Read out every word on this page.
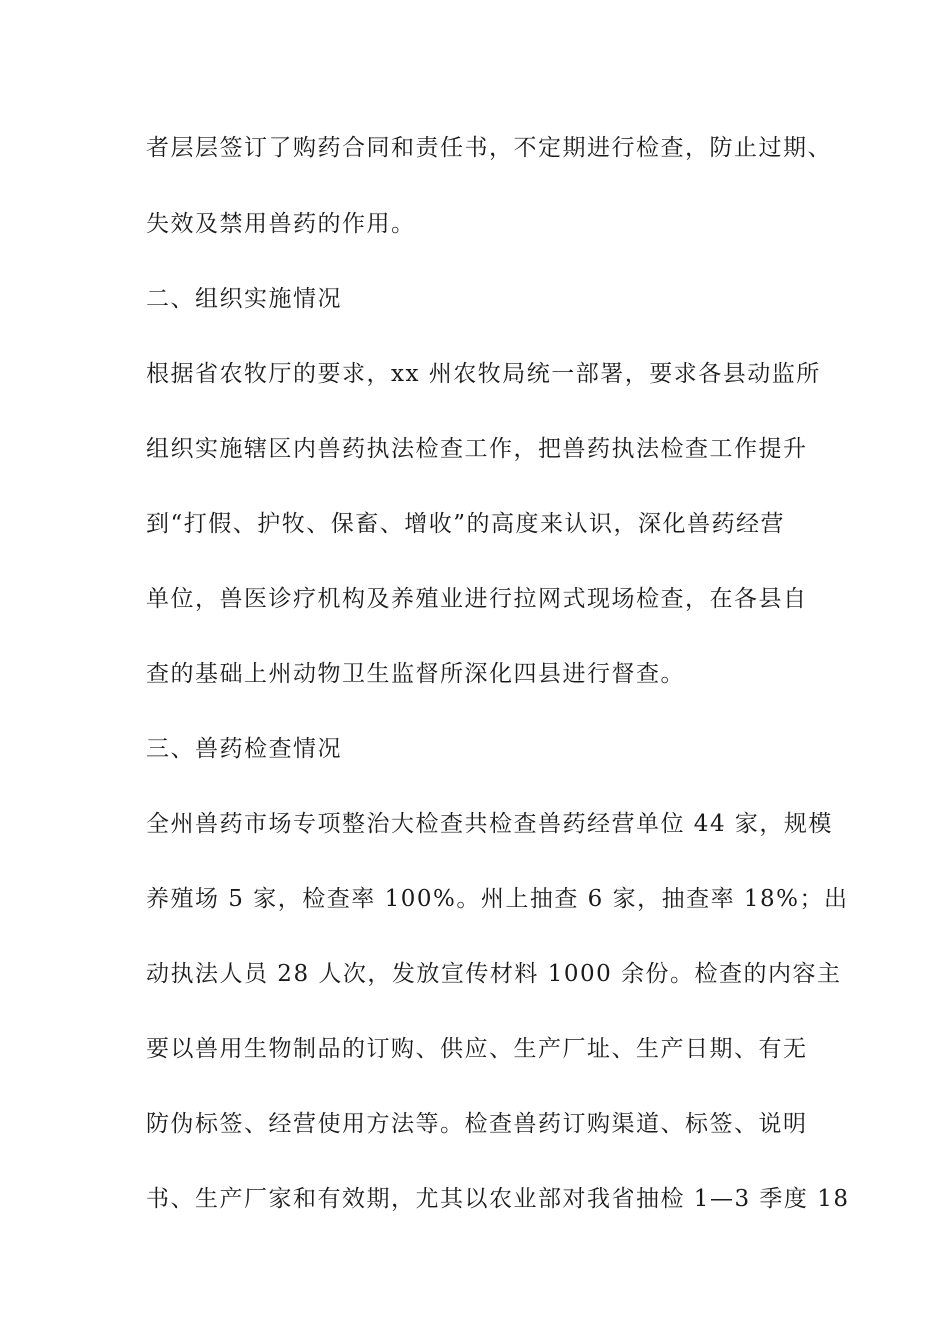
者层层签订了购药合同和责任书，不定期进行检查，防止过期、
失效及禁用兽药的作用。
二、组织实施情况
根据省农牧厅的要求，xx 州农牧局统一部署，要求各县动监所
组织实施辖区内兽药执法检查工作，把兽药执法检查工作提升
到“打假、护牧、保畜、增收”的高度来认识，深化兽药经营
单位，兽医诊疗机构及养殖业进行拉网式现场检查，在各县自
查的基础上州动物卫生监督所深化四县进行督查。
三、兽药检查情况
全州兽药市场专项整治大检查共检查兽药经营单位 44 家，规模
养殖场 5 家，检查率 100%。州上抽查 6 家，抽查率 18%；出
动执法人员 28 人次，发放宣传材料 1000 余份。检查的内容主
要以兽用生物制品的订购、供应、生产厂址、生产日期、有无
防伪标签、经营使用方法等。检查兽药订购渠道、标签、说明
书、生产厂家和有效期，尤其以农业部对我省抽检 1—3 季度 18
